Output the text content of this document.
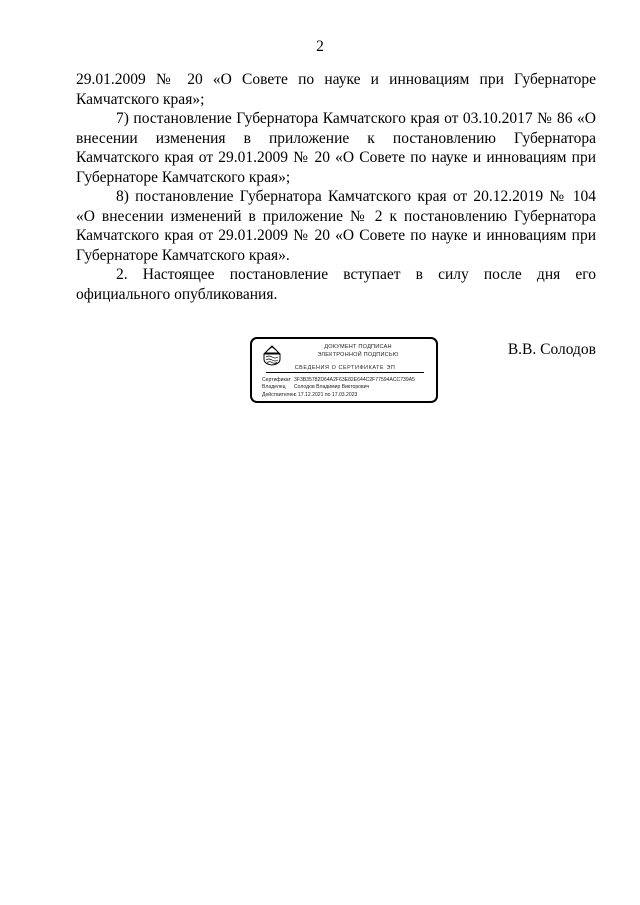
2

29.01.2009 № 20 «О Совете по науке и инновациям при Губернаторе Камчатского края»;

7) постановление Губернатора Камчатского края от 03.10.2017 № 86 «О внесении изменения в приложение к постановлению Губернатора Камчатского края от 29.01.2009 № 20 «О Совете по науке и инновациям при Губернаторе Камчатского края»;

8) постановление Губернатора Камчатского края от 20.12.2019 № 104 «О внесении изменений в приложение № 2 к постановлению Губернатора Камчатского края от 29.01.2009 № 20 «О Совете по науке и инновациям при Губернаторе Камчатского края».

2. Настоящее постановление вступает в силу после дня его официального опубликования.

ДОКУМЕНТ ПОДПИСАН
ЭЛЕКТРОННОЙ ПОДПИСЬЮ
СВЕДЕНИЯ О СЕРТИФИКАТЕ ЭП
Сертификат 3F3B35782D64A2F63E82E644C2F77594ACC739A5
Владелец Солодов Владимир Викторович
Действителенс 17.12.2021 по 17.03.2023
В.В. Солодов
